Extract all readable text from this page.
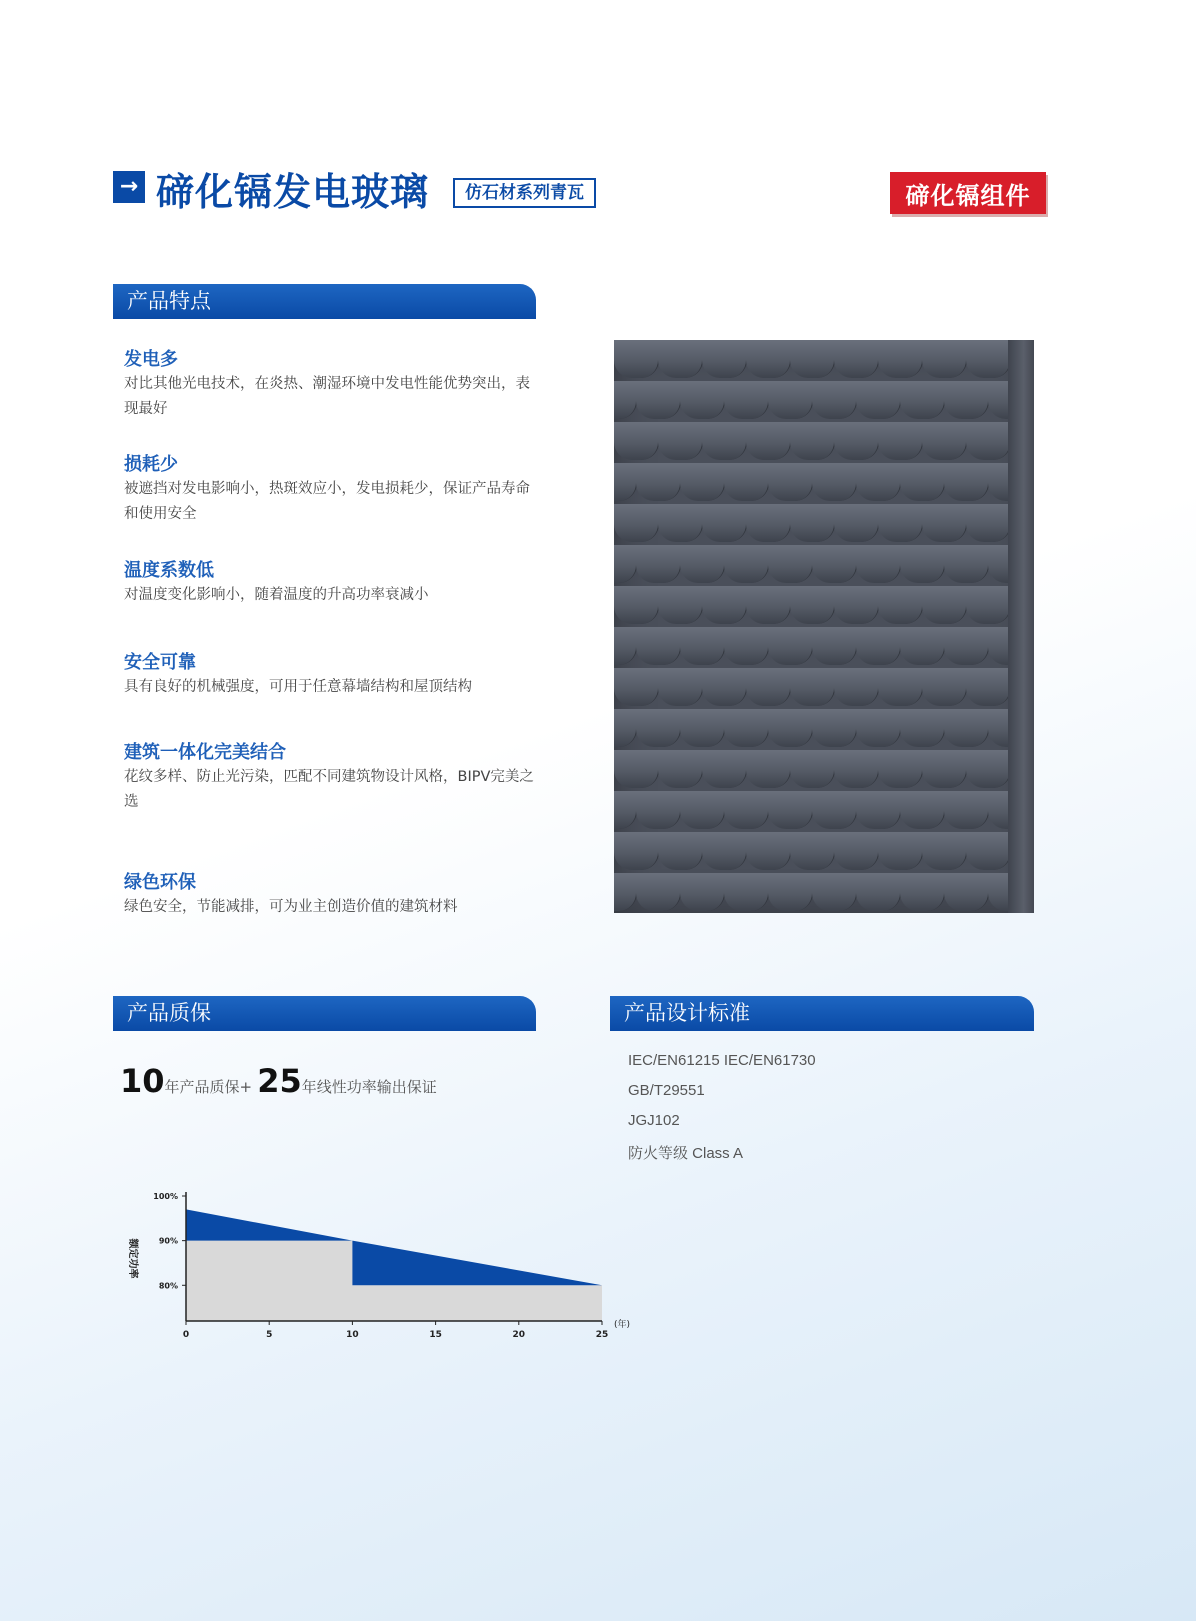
→ 碲化镉发电玻璃	仿石材系列青瓦	碲化镉组件
产品特点
发电多
对比其他光电技术，在炎热、潮湿环境中发电性能优势突出，表现最好
损耗少
被遮挡对发电影响小，热斑效应小，发电损耗少，保证产品寿命和使用安全
温度系数低
对温度变化影响小，随着温度的升高功率衰减小
安全可靠
具有良好的机械强度，可用于任意幕墙结构和屋顶结构
建筑一体化完美结合
花纹多样、防止光污染，匹配不同建筑物设计风格，BIPV完美之选
绿色环保
绿色安全，节能减排，可为业主创造价值的建筑材料
产品质保
10年产品质保+ 25年线性功率输出保证
0	5	10	15	20	25
100%
90%
80%
额定功率
(年)
产品设计标准
IEC/EN61215 IEC/EN61730
GB/T29551
JGJ102
防火等级 Class A
